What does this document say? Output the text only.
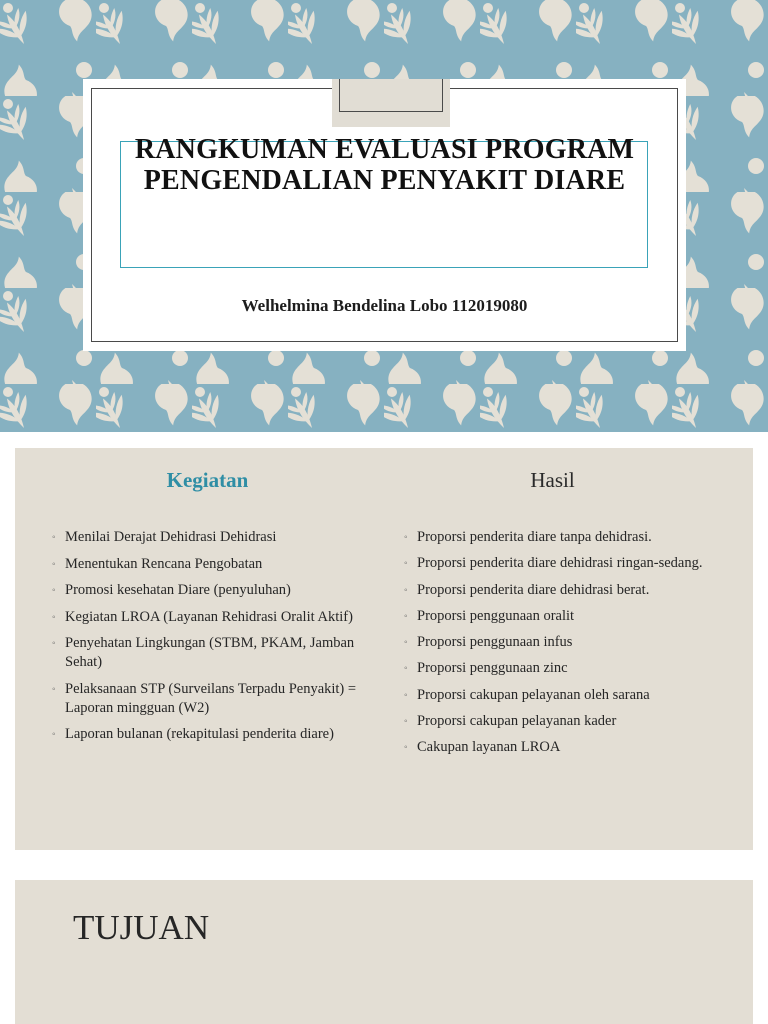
RANGKUMAN EVALUASI PROGRAM PENGENDALIAN PENYAKIT DIARE
Welhelmina Bendelina Lobo 112019080
Kegiatan	Hasil
◦ Menilai Derajat Dehidrasi Dehidrasi
◦ Menentukan Rencana Pengobatan
◦ Promosi kesehatan Diare (penyuluhan)
◦ Kegiatan LROA (Layanan Rehidrasi Oralit Aktif)
◦ Penyehatan Lingkungan (STBM, PKAM, Jamban Sehat)
◦ Pelaksanaan STP (Surveilans Terpadu Penyakit) = Laporan mingguan (W2)
◦ Laporan bulanan (rekapitulasi penderita diare)
◦ Proporsi penderita diare tanpa dehidrasi.
◦ Proporsi penderita diare dehidrasi ringan-sedang.
◦ Proporsi penderita diare dehidrasi berat.
◦ Proporsi penggunaan oralit
◦ Proporsi penggunaan infus
◦ Proporsi penggunaan zinc
◦ Proporsi cakupan pelayanan oleh sarana
◦ Proporsi cakupan pelayanan kader
◦ Cakupan layanan LROA
TUJUAN
